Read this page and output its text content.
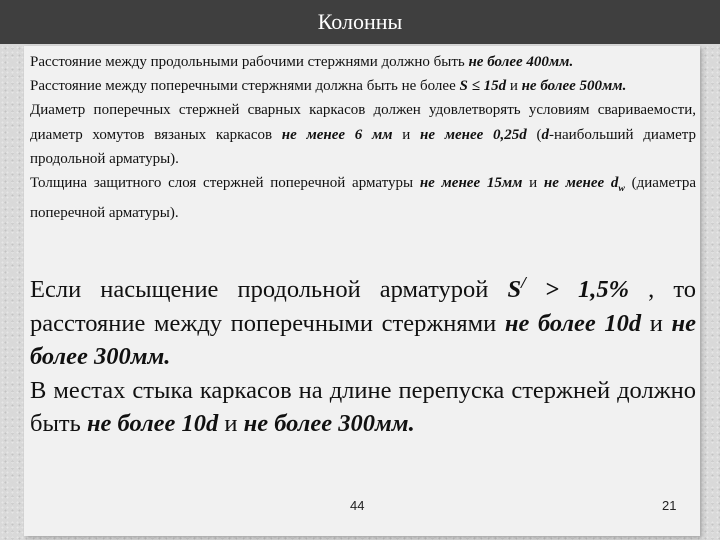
Колонны

Расстояние между продольными рабочими стержнями должно быть не более 400мм.

Расстояние между поперечными стержнями должна быть не более S ≤ 15d и не более 500мм.

Диаметр поперечных стержней сварных каркасов должен удовлетворять условиям свариваемости, диаметр хомутов вязаных каркасов не менее 6 мм и не менее 0,25d (d-наибольший диаметр продольной арматуры).

Толщина защитного слоя стержней поперечной арматуры не менее 15мм и не менее $d_w$ (диаметра поперечной арматуры).

Если насыщение продольной арматурой S/ > 1,5% , то расстояние между поперечными стержнями не более 10d и не более 300мм.

В местах стыка каркасов на длине перепуска стержней должно быть не более 10d и не более 300мм.

44	21
